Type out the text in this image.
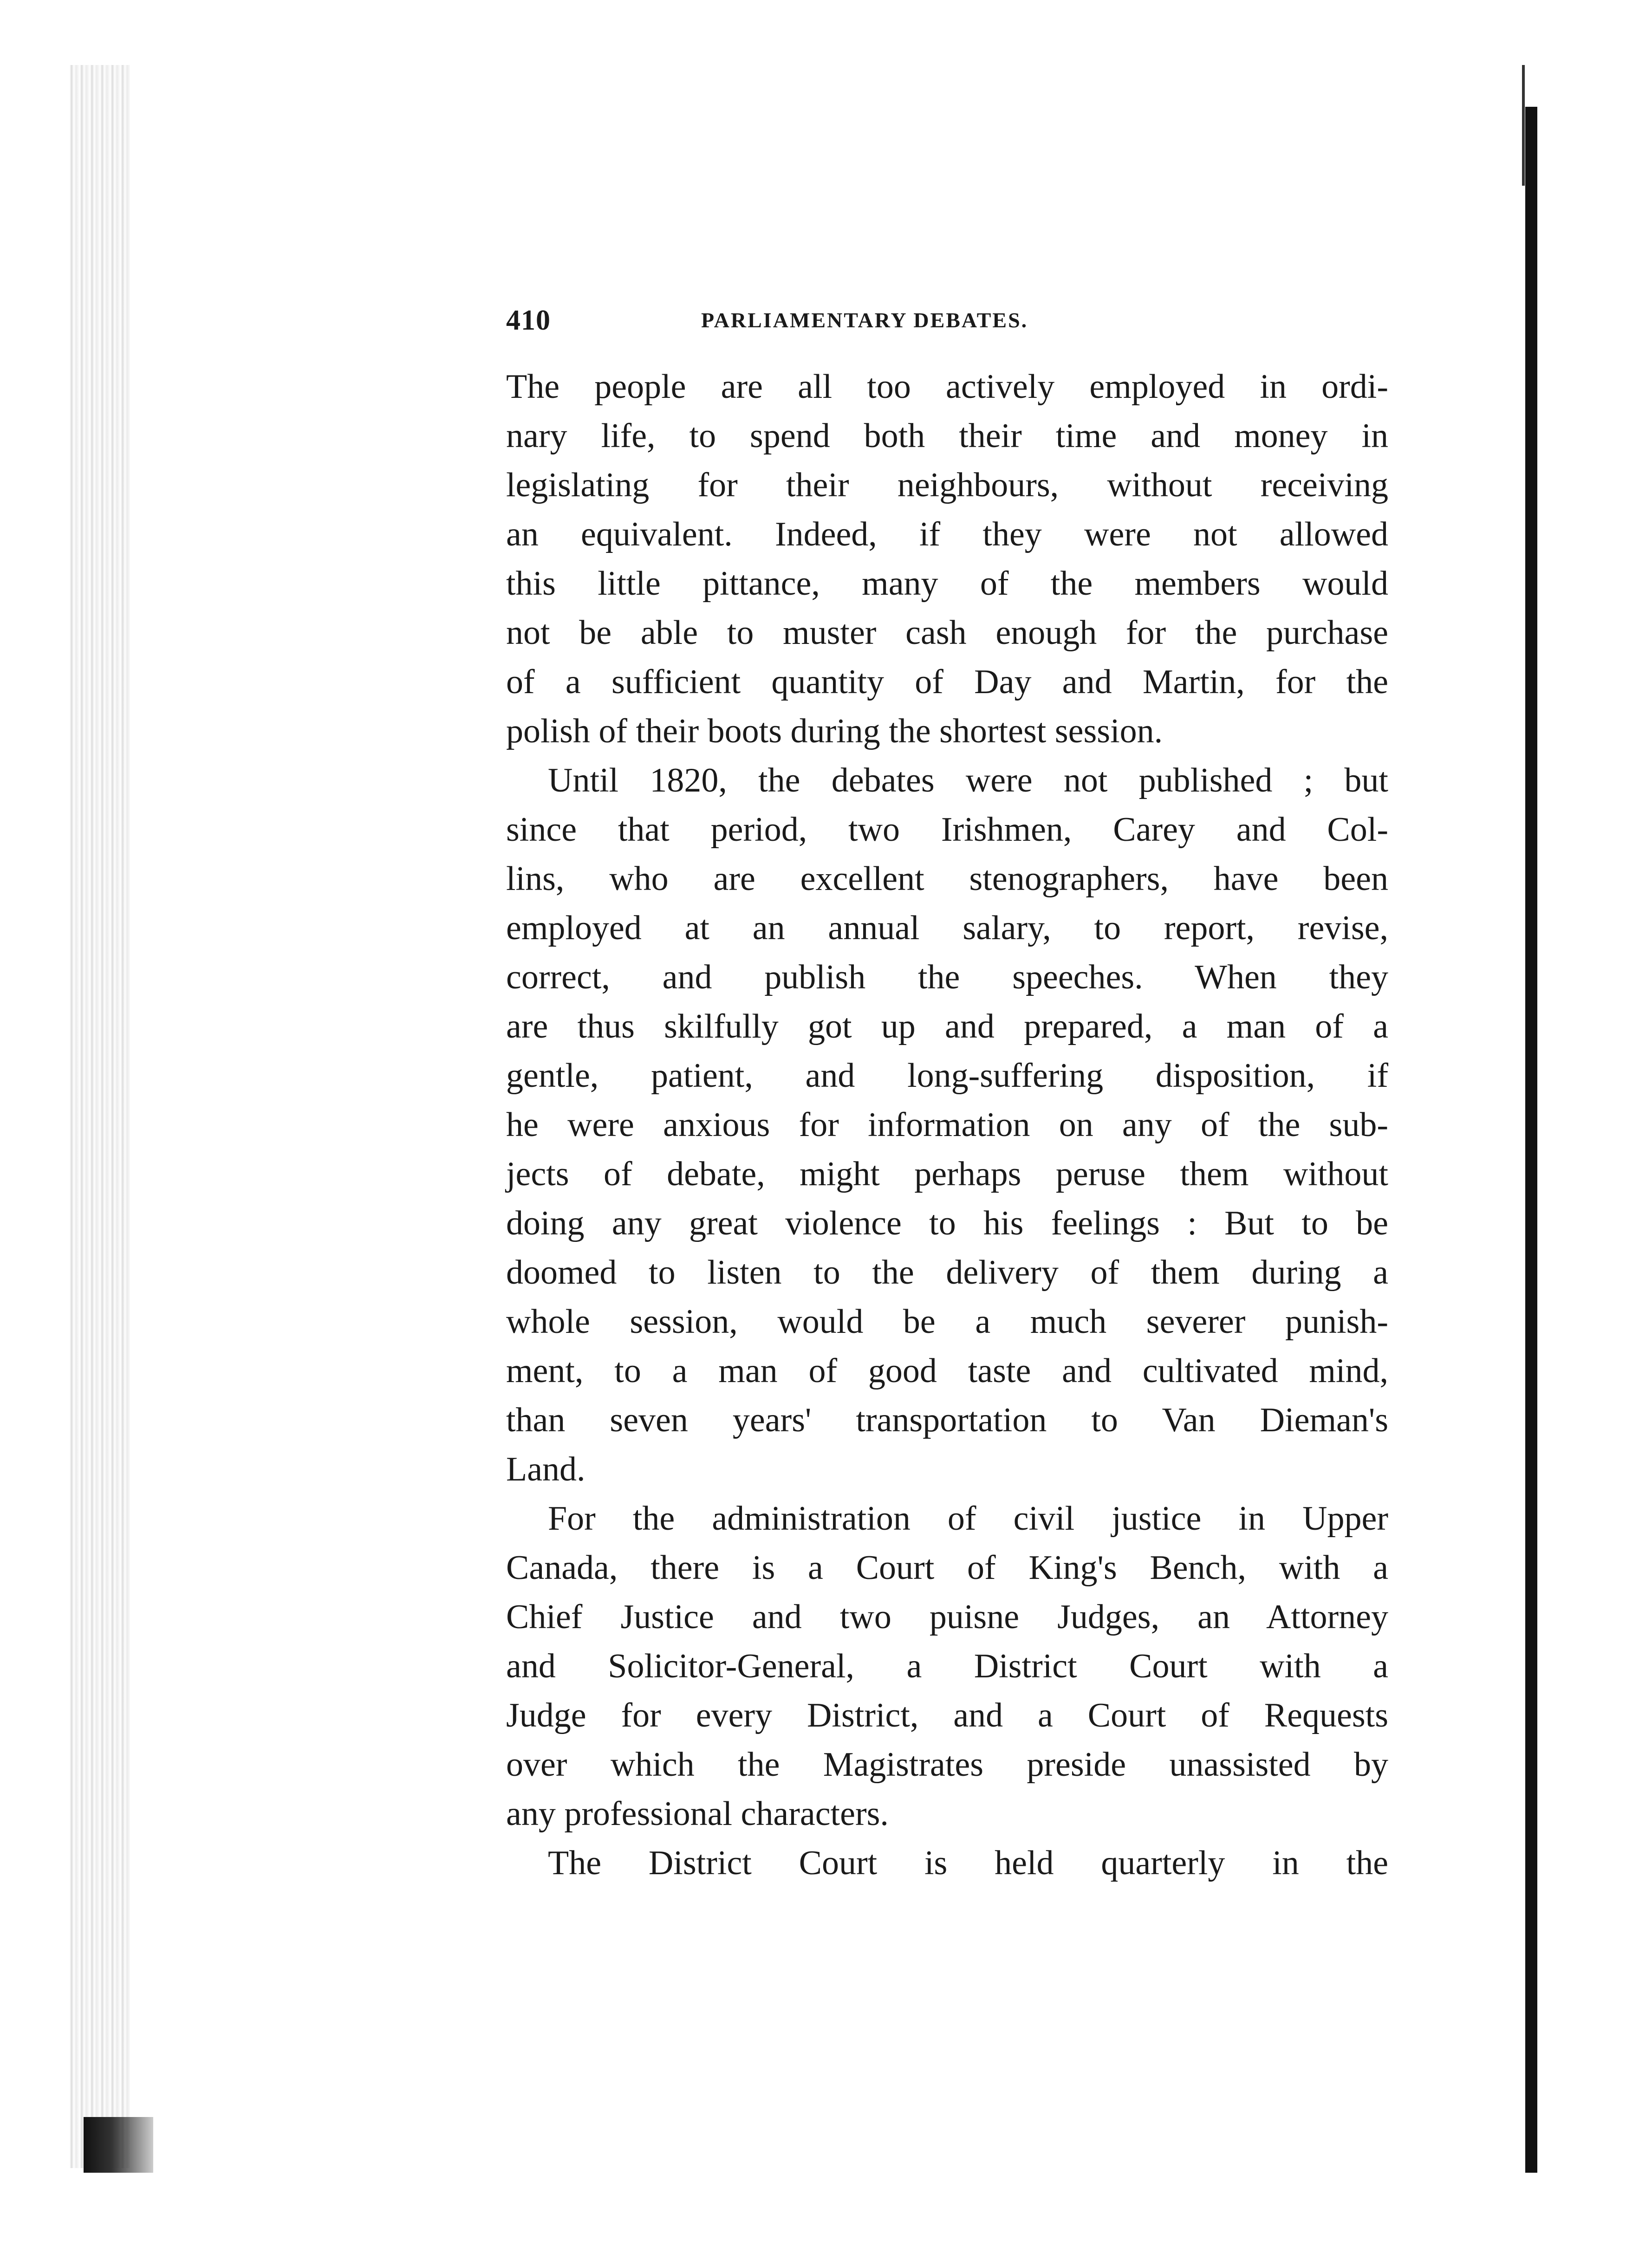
410	PARLIAMENTARY DEBATES.
The people are all too actively employed in ordi-
nary life, to spend both their time and money in
legislating for their neighbours, without receiving
an equivalent. Indeed, if they were not allowed
this little pittance, many of the members would
not be able to muster cash enough for the purchase
of a sufficient quantity of Day and Martin, for the
polish of their boots during the shortest session.
Until 1820, the debates were not published ; but
since that period, two Irishmen, Carey and Col-
lins, who are excellent stenographers, have been
employed at an annual salary, to report, revise,
correct, and publish the speeches. When they
are thus skilfully got up and prepared, a man of a
gentle, patient, and long-suffering disposition, if
he were anxious for information on any of the sub-
jects of debate, might perhaps peruse them without
doing any great violence to his feelings : But to be
doomed to listen to the delivery of them during a
whole session, would be a much severer punish-
ment, to a man of good taste and cultivated mind,
than seven years' transportation to Van Dieman's
Land.
For the administration of civil justice in Upper
Canada, there is a Court of King's Bench, with a
Chief Justice and two puisne Judges, an Attorney
and Solicitor-General, a District Court with a
Judge for every District, and a Court of Requests
over which the Magistrates preside unassisted by
any professional characters.
The District Court is held quarterly in the
